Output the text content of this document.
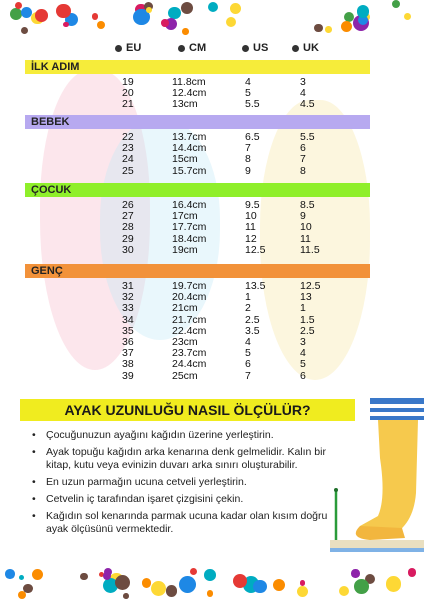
EU	CM	US	UK
İLK ADIM
19	11.8cm	4	3
20	12.4cm	5	4
21	13cm	5.5	4.5
BEBEK
22	13.7cm	6.5	5.5
23	14.4cm	7	6
24	15cm	8	7
25	15.7cm	9	8
ÇOCUK
26	16.4cm	9.5	8.5
27	17cm	10	9
28	17.7cm	11	10
29	18.4cm	12	11
30	19cm	12.5	11.5
GENÇ
31	19.7cm	13.5	12.5
32	20.4cm	1	13
33	21cm	2	1
34	21.7cm	2.5	1.5
35	22.4cm	3.5	2.5
36	23cm	4	3
37	23.7cm	5	4
38	24.4cm	6	5
39	25cm	7	6
AYAK UZUNLUĞU NASIL ÖLÇÜLÜR?
• Çocuğunuzun ayağını kağıdın üzerine yerleştirin.
• Ayak topuğu kağıdın arka kenarına denk gelmelidir. Kalın bir kitap, kutu veya evinizin duvarı arka sınırı oluşturabilir.
• En uzun parmağın ucuna cetveli yerleştirin.
• Cetvelin iç tarafından işaret çizgisini çekin.
• Kağıdın sol kenarında parmak ucuna kadar olan kısım doğru ayak ölçüsünü vermektedir.
